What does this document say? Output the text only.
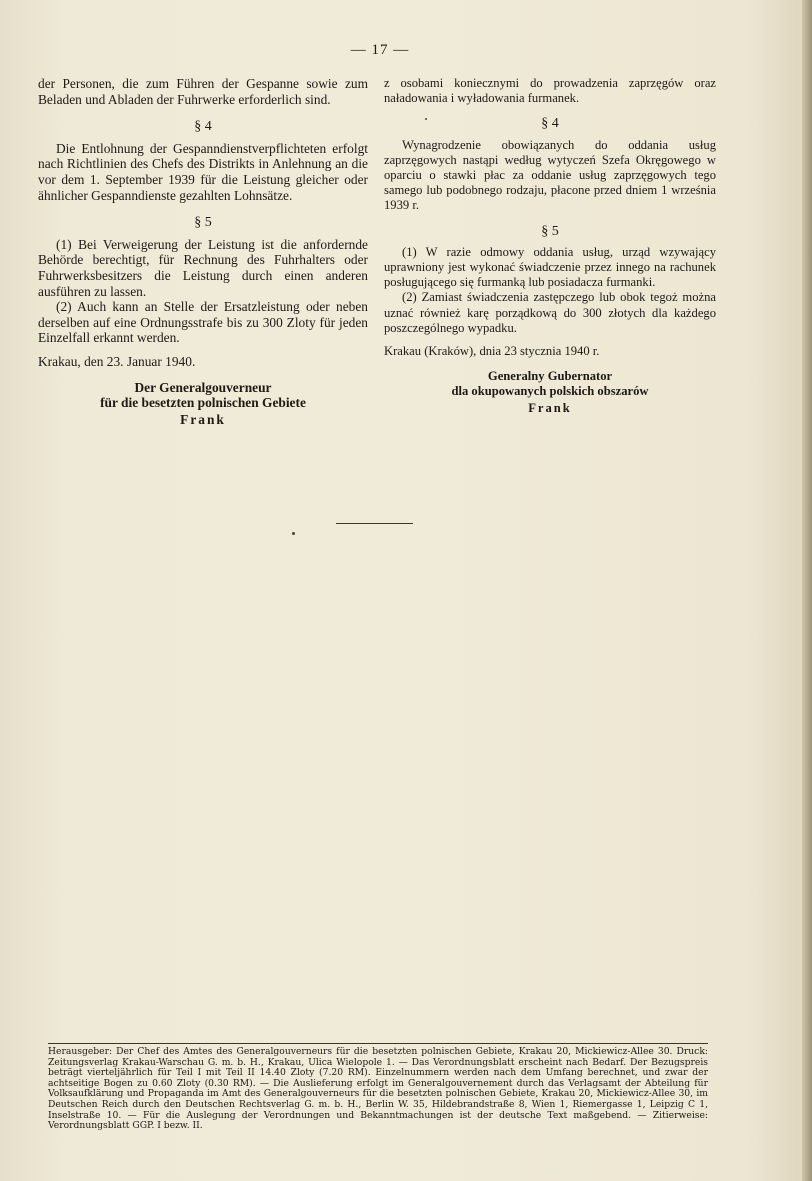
— 17 —

der Personen, die zum Führen der Gespanne sowie zum Beladen und Abladen der Fuhrwerke erforderlich sind.

§ 4

Die Entlohnung der Gespanndienstverpflichteten erfolgt nach Richtlinien des Chefs des Distrikts in Anlehnung an die vor dem 1. September 1939 für die Leistung gleicher oder ähnlicher Gespanndienste gezahlten Lohnsätze.

§ 5

(1) Bei Verweigerung der Leistung ist die anfordernde Behörde berechtigt, für Rechnung des Fuhrhalters oder Fuhrwerksbesitzers die Leistung durch einen anderen ausführen zu lassen.

(2) Auch kann an Stelle der Ersatzleistung oder neben derselben auf eine Ordnungsstrafe bis zu 300 Zloty für jeden Einzelfall erkannt werden.

Krakau, den 23. Januar 1940.

Der Generalgouverneur
für die besetzten polnischen Gebiete
Frank

z osobami koniecznymi do prowadzenia zaprzęgów oraz naładowania i wyładowania furmanek.

§ 4

Wynagrodzenie obowiązanych do oddania usług zaprzęgowych nastąpi według wytyczeń Szefa Okręgowego w oparciu o stawki płac za oddanie usług zaprzęgowych tego samego lub podobnego rodzaju, płacone przed dniem 1 września 1939 r.

§ 5

(1) W razie odmowy oddania usług, urząd wzywający uprawniony jest wykonać świadczenie przez innego na rachunek posługującego się furmanką lub posiadacza furmanki.

(2) Zamiast świadczenia zastępczego lub obok tegoż można uznać również karę porządkową do 300 złotych dla każdego poszczególnego wypadku.

Krakau (Kraków), dnia 23 stycznia 1940 r.

Generalny Gubernator
dla okupowanych polskich obszarów
Frank

Herausgeber: Der Chef des Amtes des Generalgouverneurs für die besetzten polnischen Gebiete, Krakau 20, Mickiewicz-Allee 30. Druck: Zeitungsverlag Krakau-Warschau G. m. b. H., Krakau, Ulica Wielopole 1. — Das Verordnungsblatt erscheint nach Bedarf. Der Bezugspreis beträgt vierteljährlich für Teil I mit Teil II 14.40 Zloty (7.20 RM). Einzelnummern werden nach dem Umfang berechnet, und zwar der achtseitige Bogen zu 0.60 Zloty (0.30 RM). — Die Auslieferung erfolgt im Generalgouvernement durch das Verlagsamt der Abteilung für Volksaufklärung und Propaganda im Amt des Generalgouverneurs für die besetzten polnischen Gebiete, Krakau 20, Mickiewicz-Allee 30, im Deutschen Reich durch den Deutschen Rechtsverlag G. m. b. H., Berlin W. 35, Hildebrandstraße 8, Wien 1, Riemergasse 1, Leipzig C 1, Inselstraße 10. — Für die Auslegung der Verordnungen und Bekanntmachungen ist der deutsche Text maßgebend. — Zitierweise: Verordnungsblatt GGP. I bezw. II.
